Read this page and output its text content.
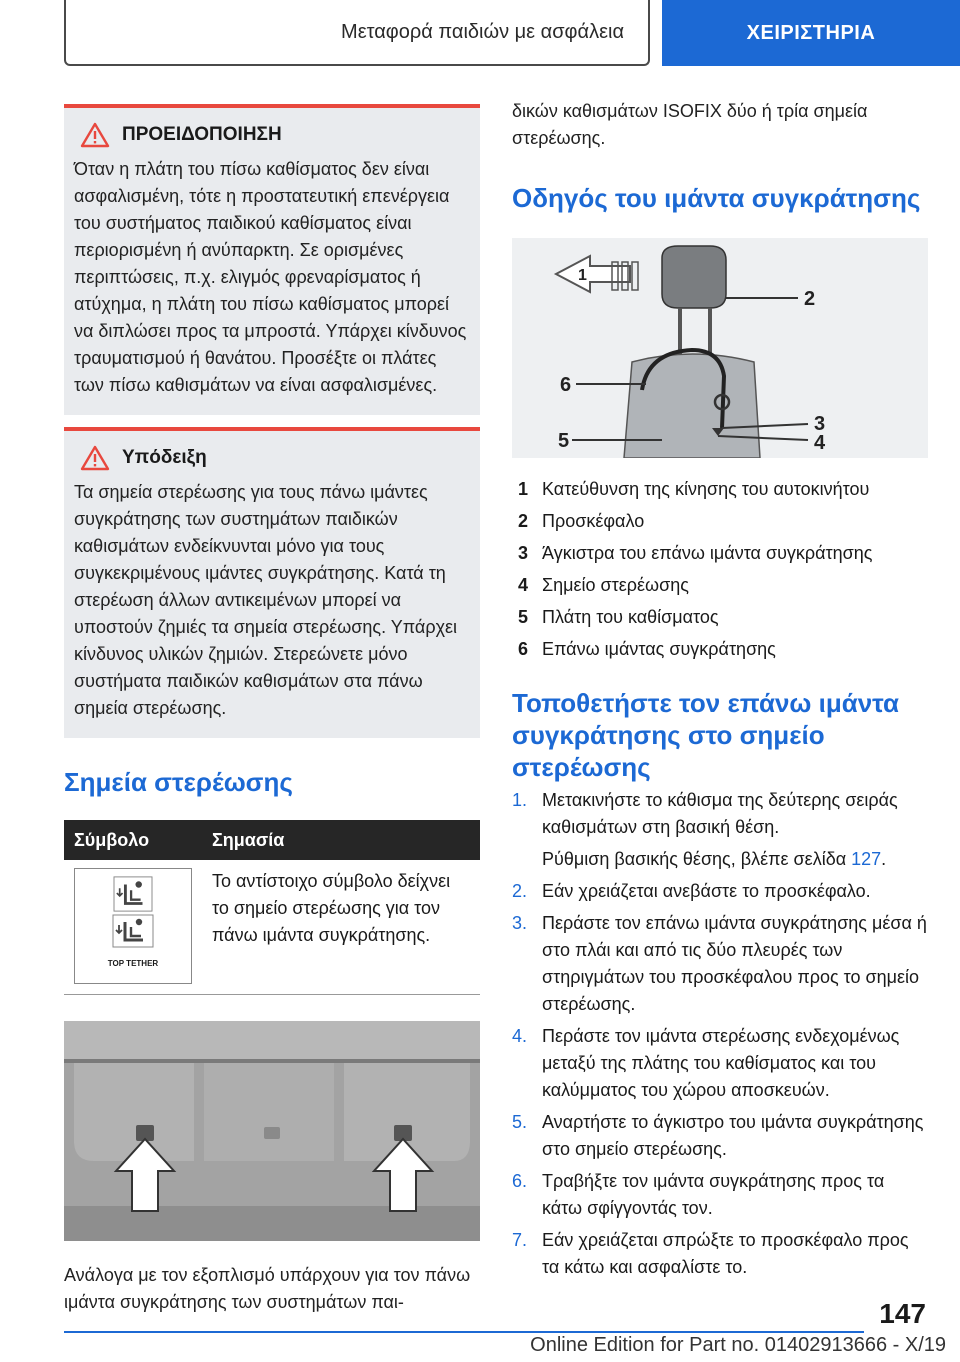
Μεταφορά παιδιών με ασφάλεια	ΧΕΙΡΙΣΤΗΡΙΑ
ΠΡΟΕΙΔΟΠΟΙΗΣΗ
Όταν η πλάτη του πίσω καθίσματος δεν είναι ασφαλισμένη, τότε η προστατευτική επενέργεια του συστήματος παιδικού καθίσματος είναι περιορισμένη ή ανύπαρκτη. Σε ορισμένες περιπτώσεις, π.χ. ελιγμός φρεναρίσματος ή ατύχημα, η πλάτη του πίσω καθίσματος μπορεί να διπλώσει προς τα μπροστά. Υπάρχει κίνδυνος τραυματισμού ή θανάτου. Προσέξτε οι πλάτες των πίσω καθισμάτων να είναι ασφαλισμένες.
Υπόδειξη
Τα σημεία στερέωσης για τους πάνω ιμάντες συγκράτησης των συστημάτων παιδικών καθισμάτων ενδείκνυνται μόνο για τους συγκεκριμένους ιμάντες συγκράτησης. Κατά τη στερέωση άλλων αντικειμένων μπορεί να υποστούν ζημιές τα σημεία στερέωσης. Υπάρχει κίνδυνος υλικών ζημιών. Στερεώνετε μόνο συστήματα παιδικών καθισμάτων στα πάνω σημεία στερέωσης.
Σημεία στερέωσης
Σύμβολο	Σημασία

TOP TETHER	Το αντίστοιχο σύμβολο δείχνει το σημείο στερέωσης για τον πάνω ιμάντα συγκράτησης.

Ανάλογα με τον εξοπλισμό υπάρχουν για τον πάνω ιμάντα συγκράτησης των συστημάτων παι-

δικών καθισμάτων ISOFIX δύο ή τρία σημεία στερέωσης.

Οδηγός του ιμάντα συγκράτησης
1
2
3
4
5
6
1 Κατεύθυνση της κίνησης του αυτοκινήτου
2 Προσκέφαλο
3 Άγκιστρα του επάνω ιμάντα συγκράτησης
4 Σημείο στερέωσης
5 Πλάτη του καθίσματος
6 Επάνω ιμάντας συγκράτησης
Τοποθετήστε τον επάνω ιμάντα συγκράτησης στο σημείο στερέωσης
1. Μετακινήστε το κάθισμα της δεύτερης σειράς καθισμάτων στη βασική θέση.
Ρύθμιση βασικής θέσης, βλέπε σελίδα 127.
2. Εάν χρειάζεται ανεβάστε το προσκέφαλο.
3. Περάστε τον επάνω ιμάντα συγκράτησης μέσα ή στο πλάι και από τις δύο πλευρές των στηριγμάτων του προσκέφαλου προς το σημείο στερέωσης.
4. Περάστε τον ιμάντα στερέωσης ενδεχομένως μεταξύ της πλάτης του καθίσματος και του καλύμματος του χώρου αποσκευών.
5. Αναρτήστε το άγκιστρο του ιμάντα συγκράτησης στο σημείο στερέωσης.
6. Τραβήξτε τον ιμάντα συγκράτησης προς τα κάτω σφίγγοντάς τον.
7. Εάν χρειάζεται σπρώξτε το προσκέφαλο προς τα κάτω και ασφαλίστε το.
147
Online Edition for Part no. 01402913666 - X/19
